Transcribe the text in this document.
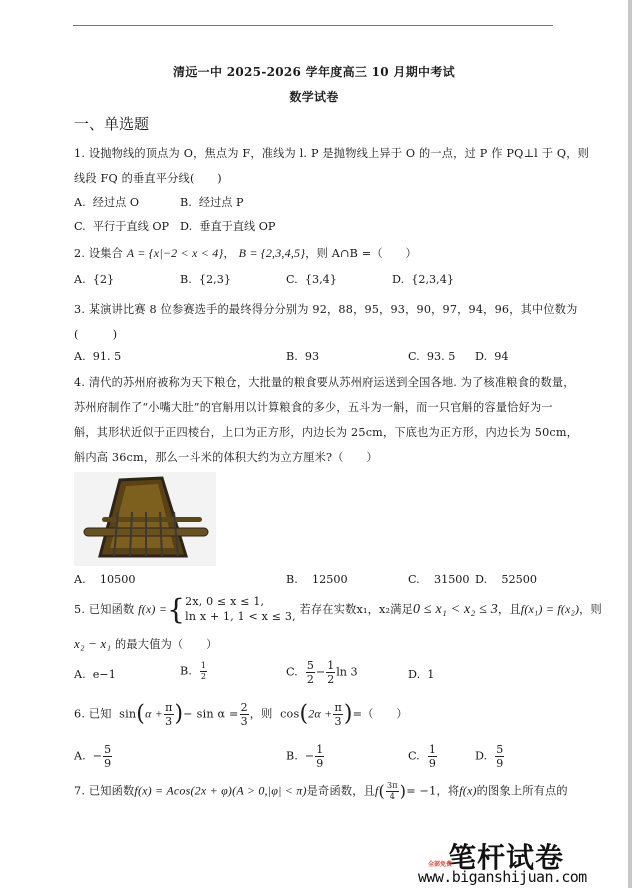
清远一中 2025-2026 学年度高三 10 月期中考试
数学试卷
一、单选题
1. 设抛物线的顶点为 O，焦点为 F，准线为 l. P 是抛物线上异于 O 的一点，过 P 作 PQ⊥l 于 Q，则
线段 FQ 的垂直平分线(　　)
A. 经过点 O	B. 经过点 P
C. 平行于直线 OP D. 垂直于直线 OP
2. 设集合 A = {x|−2 < x < 4}， B = {2,3,4,5}，则 A∩B =（　　）
A. {2}	B. {2,3}	C. {3,4}	D. {2,3,4}
3. 某演讲比赛 8 位参赛选手的最终得分分别为 92，88，95，93，90，97，94，96，其中位数为
(　　　)
A. 91. 5	B. 93	C. 93. 5 D. 94
4. 清代的苏州府被称为天下粮仓，大批量的粮食要从苏州府运送到全国各地. 为了核准粮食的数量，
苏州府制作了“小嘴大肚”的官斛用以计算粮食的多少，五斗为一斛，而一只官斛的容量恰好为一
斛，其形状近似于正四棱台，上口为正方形，内边长为 25cm，下底也为正方形，内边长为 50cm，
斛内高 36cm，那么一斗米的体积大约为立方厘米?（　　）
A. 10500	B. 12500	C. 31500 D. 52500
5. 已知函数 f(x) ={ 2x, 0 ≤ x ≤ 1,
ln x + 1, 1 < x ≤ 3,
若存在实数x₁，x₂满足0 ≤ x₁ < x₂ ≤ 3，且f(x₁) = f(x₂)，则
x₂ − x₁ 的最大值为（　　）
A. e−1	B. $\frac{1}{2}$	C. $\frac{5}{2} - \frac{1}{2}$ ln 3	D. 1
6. 已知 $\sin(\alpha + \frac{\pi}{3}$ )− $\sin \alpha = \frac{2}{3}$ ，则 $\cos(2\alpha + \frac{\pi}{3}$ )=（　　）
A. − $\frac{5}{9}$	B. − $\frac{1}{9}$	C. $\frac{1}{9}$	D. $\frac{5}{9}$
7. 已知函数f(x) = Acos(2x + φ)(A > 0,|φ| < π)是奇函数，且$f( \frac{3\pi}{4}$ )= −1，将f(x)的图象上所有点的
笔杆试卷
全部免费
www.biganshijuan.com
